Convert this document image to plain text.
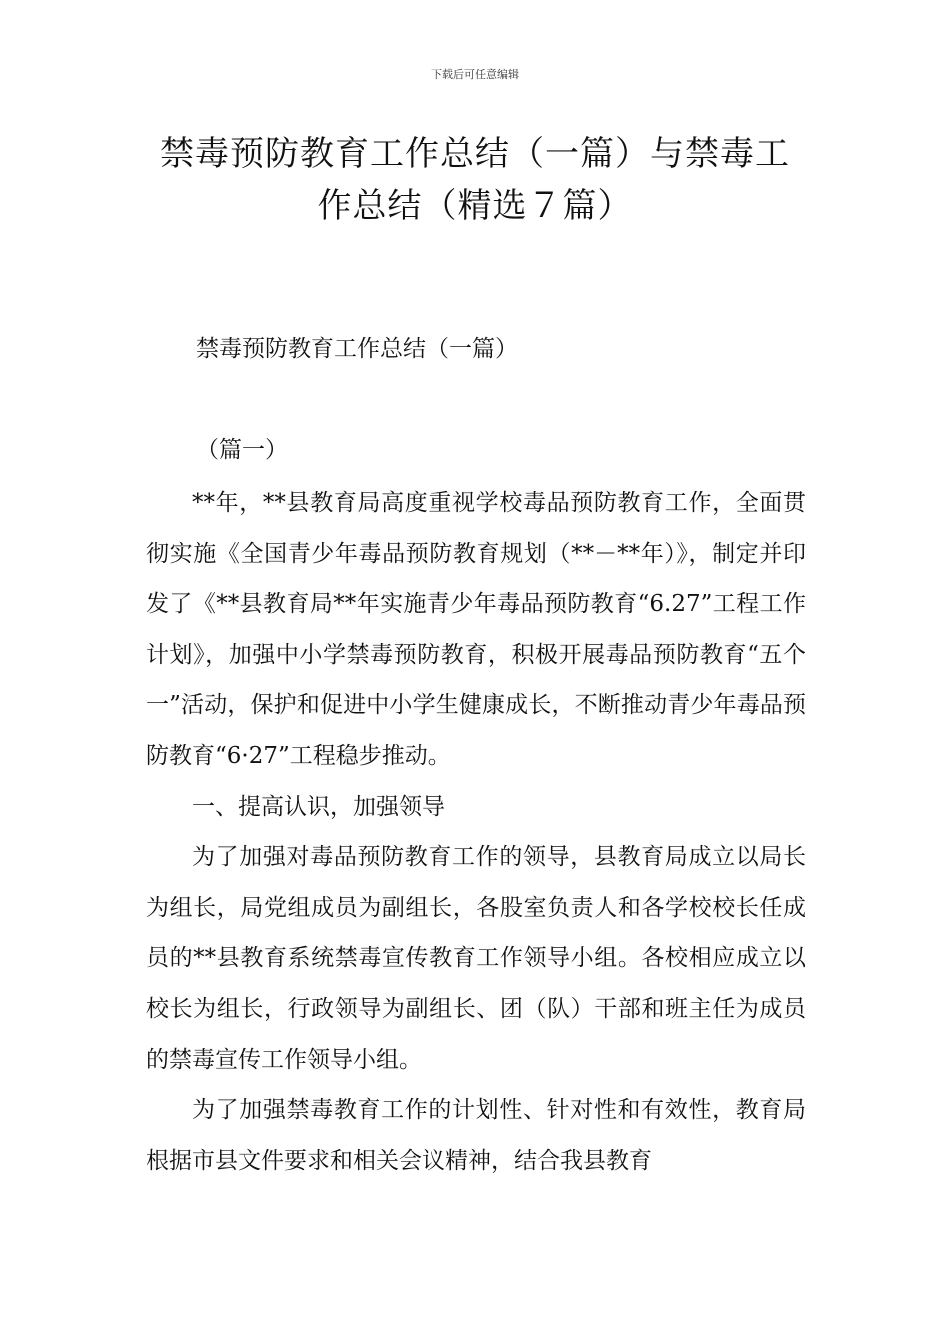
下载后可任意编辑
禁毒预防教育工作总结（一篇）与禁毒工
作总结（精选７篇）
禁毒预防教育工作总结（一篇）
（篇一）

**年，**县教育局高度重视学校毒品预防教育工作，全面贯彻实施《全国青少年毒品预防教育规划（**－**年）》，制定并印发了《**县教育局**年实施青少年毒品预防教育“6.27”工程工作计划》，加强中小学禁毒预防教育，积极开展毒品预防教育“五个一”活动，保护和促进中小学生健康成长，不断推动青少年毒品预防教育“6·27”工程稳步推动。

一、提高认识，加强领导

为了加强对毒品预防教育工作的领导，县教育局成立以局长为组长，局党组成员为副组长，各股室负责人和各学校校长任成员的**县教育系统禁毒宣传教育工作领导小组。各校相应成立以校长为组长，行政领导为副组长、团（队）干部和班主任为成员的禁毒宣传工作领导小组。

为了加强禁毒教育工作的计划性、针对性和有效性，教育局根据市县文件要求和相关会议精神，结合我县教育
